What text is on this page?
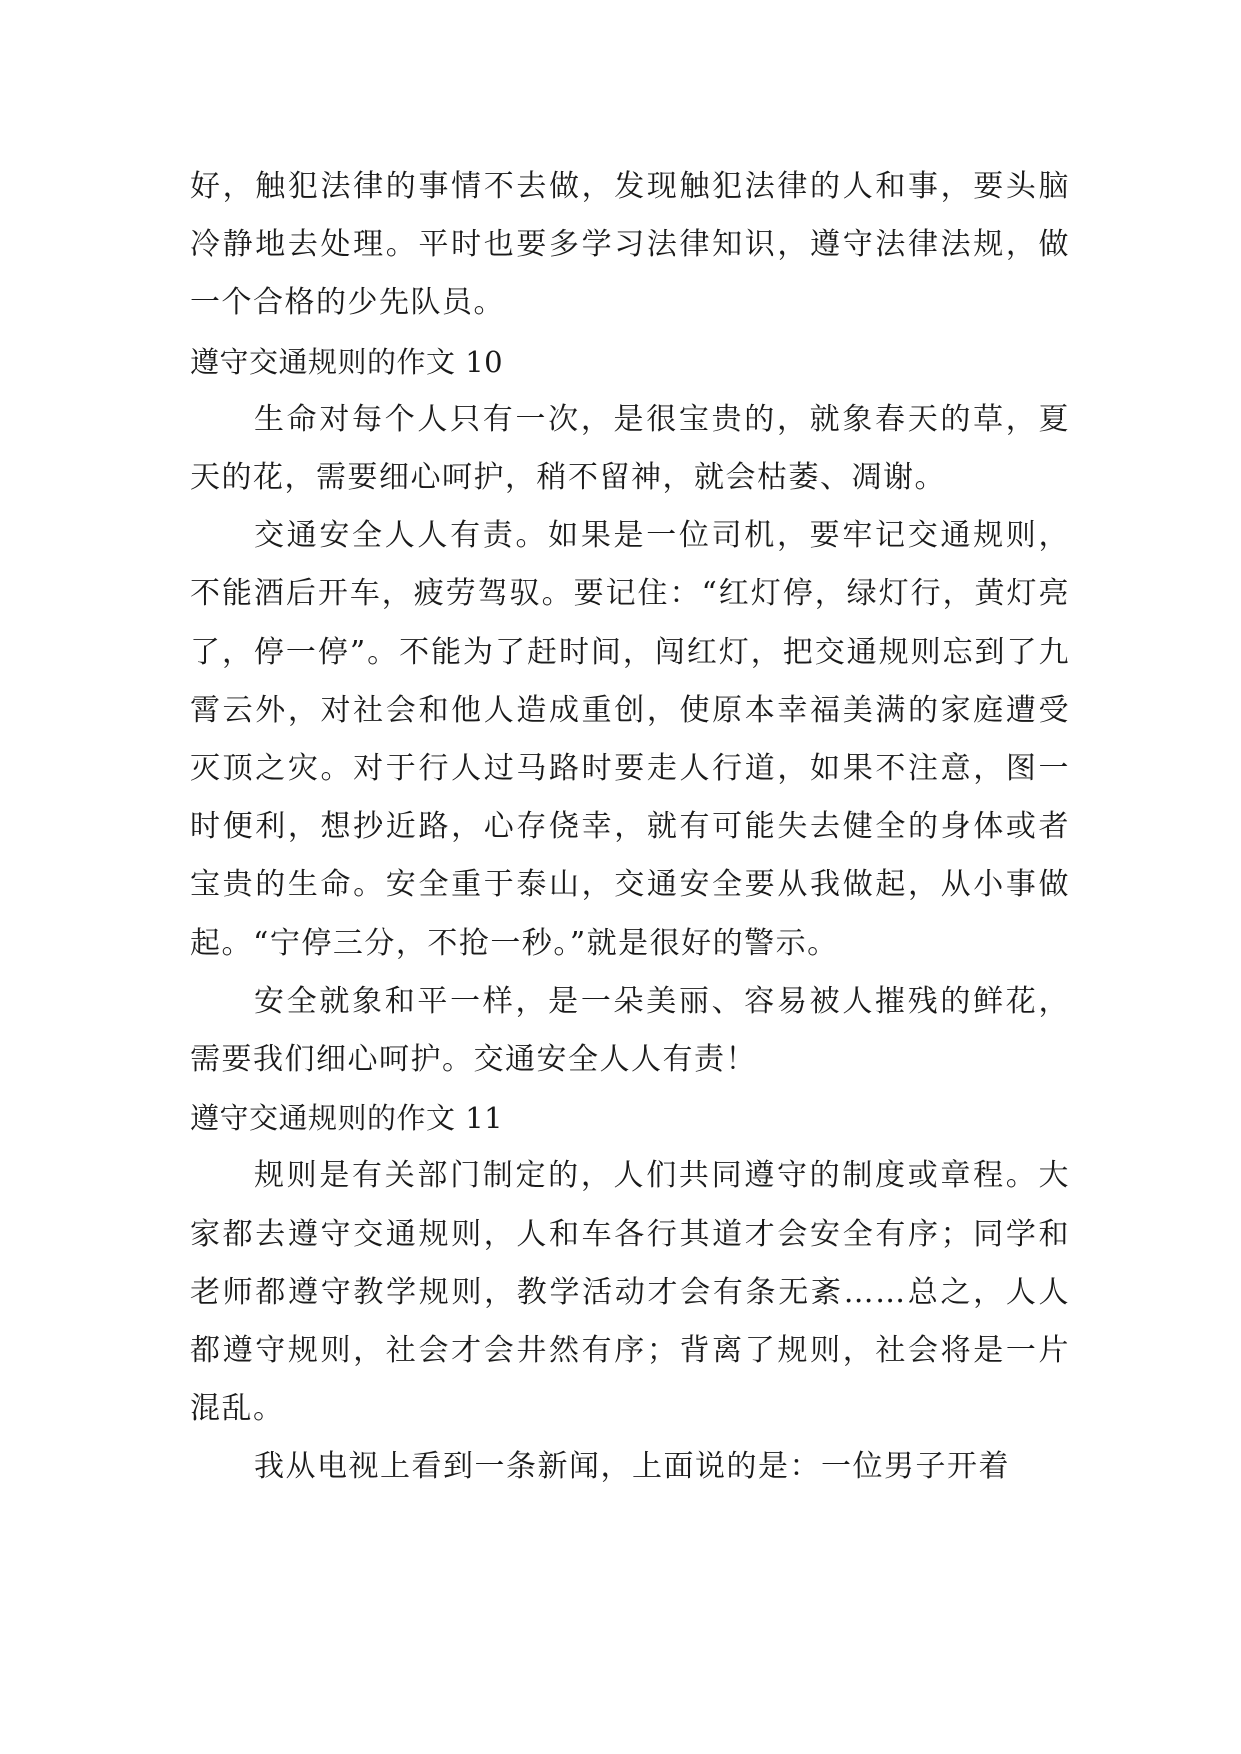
好，触犯法律的事情不去做，发现触犯法律的人和事，要头脑冷静地去处理。平时也要多学习法律知识，遵守法律法规，做一个合格的少先队员。

遵守交通规则的作文 10

生命对每个人只有一次，是很宝贵的，就象春天的草，夏天的花，需要细心呵护，稍不留神，就会枯萎、凋谢。

交通安全人人有责。如果是一位司机，要牢记交通规则，不能酒后开车，疲劳驾驭。要记住：“红灯停，绿灯行，黄灯亮了，停一停”。不能为了赶时间，闯红灯，把交通规则忘到了九霄云外，对社会和他人造成重创，使原本幸福美满的家庭遭受灭顶之灾。对于行人过马路时要走人行道，如果不注意，图一时便利，想抄近路，心存侥幸，就有可能失去健全的身体或者宝贵的生命。安全重于泰山，交通安全要从我做起，从小事做起。“宁停三分，不抢一秒。”就是很好的警示。

安全就象和平一样，是一朵美丽、容易被人摧残的鲜花，需要我们细心呵护。交通安全人人有责！

遵守交通规则的作文 11

规则是有关部门制定的，人们共同遵守的制度或章程。大家都去遵守交通规则，人和车各行其道才会安全有序；同学和老师都遵守教学规则，教学活动才会有条无紊……总之，人人都遵守规则，社会才会井然有序；背离了规则，社会将是一片混乱。

我从电视上看到一条新闻，上面说的是：一位男子开着
